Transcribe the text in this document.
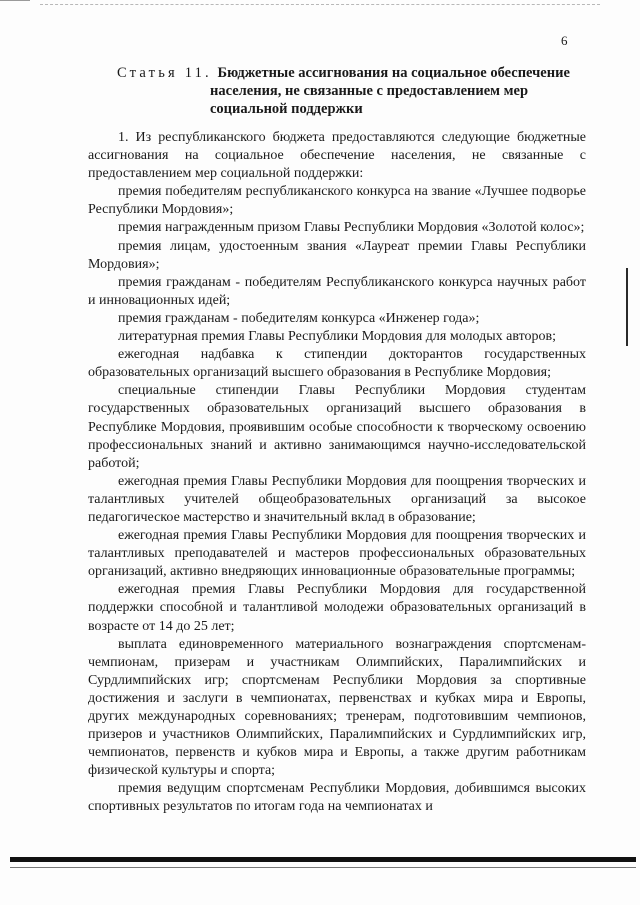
6
Статья 11. Бюджетные ассигнования на социальное обеспечение
населения, не связанные с предоставлением мер
социальной поддержки

1. Из республиканского бюджета предоставляются следующие бюджетные ассигнования на социальное обеспечение населения, не связанные с предоставлением мер социальной поддержки:

премия победителям республиканского конкурса на звание «Лучшее подворье Республики Мордовия»;

премия награжденным призом Главы Республики Мордовия «Золотой колос»;

премия лицам, удостоенным звания «Лауреат премии Главы Республики Мордовия»;

премия гражданам - победителям Республиканского конкурса научных работ и инновационных идей;

премия гражданам - победителям конкурса «Инженер года»;

литературная премия Главы Республики Мордовия для молодых авторов;

ежегодная надбавка к стипендии докторантов государственных образовательных организаций высшего образования в Республике Мордовия;

специальные стипендии Главы Республики Мордовия студентам государственных образовательных организаций высшего образования в Республике Мордовия, проявившим особые способности к творческому освоению профессиональных знаний и активно занимающимся научно-исследовательской работой;

ежегодная премия Главы Республики Мордовия для поощрения творческих и талантливых учителей общеобразовательных организаций за высокое педагогическое мастерство и значительный вклад в образование;

ежегодная премия Главы Республики Мордовия для поощрения творческих и талантливых преподавателей и мастеров профессиональных образовательных организаций, активно внедряющих инновационные образовательные программы;

ежегодная премия Главы Республики Мордовия для государственной поддержки способной и талантливой молодежи образовательных организаций в возрасте от 14 до 25 лет;

выплата единовременного материального вознаграждения спортсменам-чемпионам, призерам и участникам Олимпийских, Паралимпийских и Сурдлимпийских игр; спортсменам Республики Мордовия за спортивные достижения и заслуги в чемпионатах, первенствах и кубках мира и Европы, других международных соревнованиях; тренерам, подготовившим чемпионов, призеров и участников Олимпийских, Паралимпийских и Сурдлимпийских игр, чемпионатов, первенств и кубков мира и Европы, а также другим работникам физической культуры и спорта;

премия ведущим спортсменам Республики Мордовия, добившимся высоких спортивных результатов по итогам года на чемпионатах и
